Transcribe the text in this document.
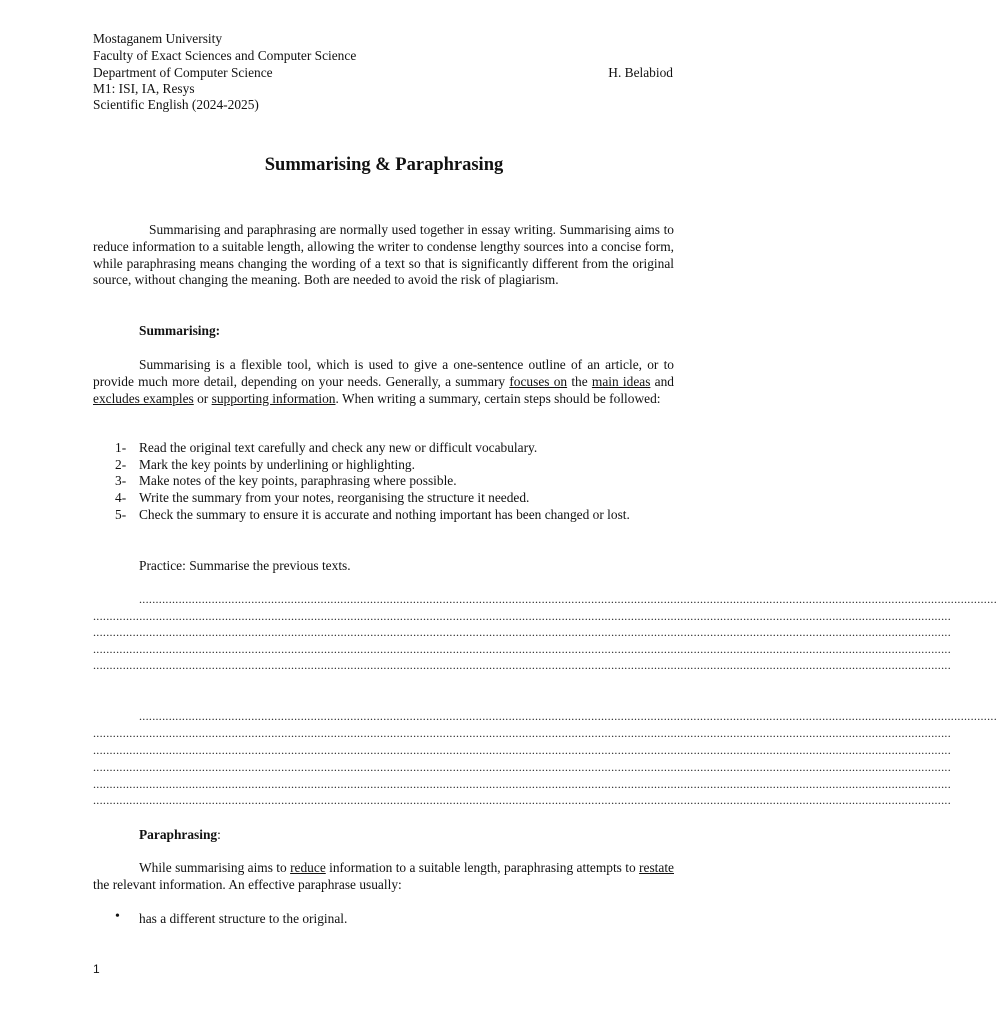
Mostaganem University
Faculty of Exact Sciences and Computer Science
Department of Computer Science	H. Belabiod
M1: ISI, IA, Resys
Scientific English (2024-2025)
Summarising & Paraphrasing
Summarising and paraphrasing are normally used together in essay writing. Summarising aims to reduce information to a suitable length, allowing the writer to condense lengthy sources into a concise form, while paraphrasing means changing the wording of a text so that is significantly different from the original source, without changing the meaning. Both are needed to avoid the risk of plagiarism.
Summarising:
Summarising is a flexible tool, which is used to give a one-sentence outline of an article, or to provide much more detail, depending on your needs. Generally, a summary focuses on the main ideas and excludes examples or supporting information. When writing a summary, certain steps should be followed:
1- Read the original text carefully and check any new or difficult vocabulary.
2- Mark the key points by underlining or highlighting.
3- Make notes of the key points, paraphrasing where possible.
4- Write the summary from your notes, reorganising the structure it needed.
5- Check the summary to ensure it is accurate and nothing important has been changed or lost.
Practice: Summarise the previous texts.
....................................................................................................................................................................................................................................................................
....................................................................................................................................................................................................................................................................
....................................................................................................................................................................................................................................................................
....................................................................................................................................................................................................................................................................
....................................................................................................................................................................................................................................................................
....................................................................................................................................................................................................................................................................
....................................................................................................................................................................................................................................................................
....................................................................................................................................................................................................................................................................
....................................................................................................................................................................................................................................................................
....................................................................................................................................................................................................................................................................
....................................................................................................................................................................................................................................................................
Paraphrasing:
While summarising aims to reduce information to a suitable length, paraphrasing attempts to restate the relevant information. An effective paraphrase usually:
• has a different structure to the original.
1
